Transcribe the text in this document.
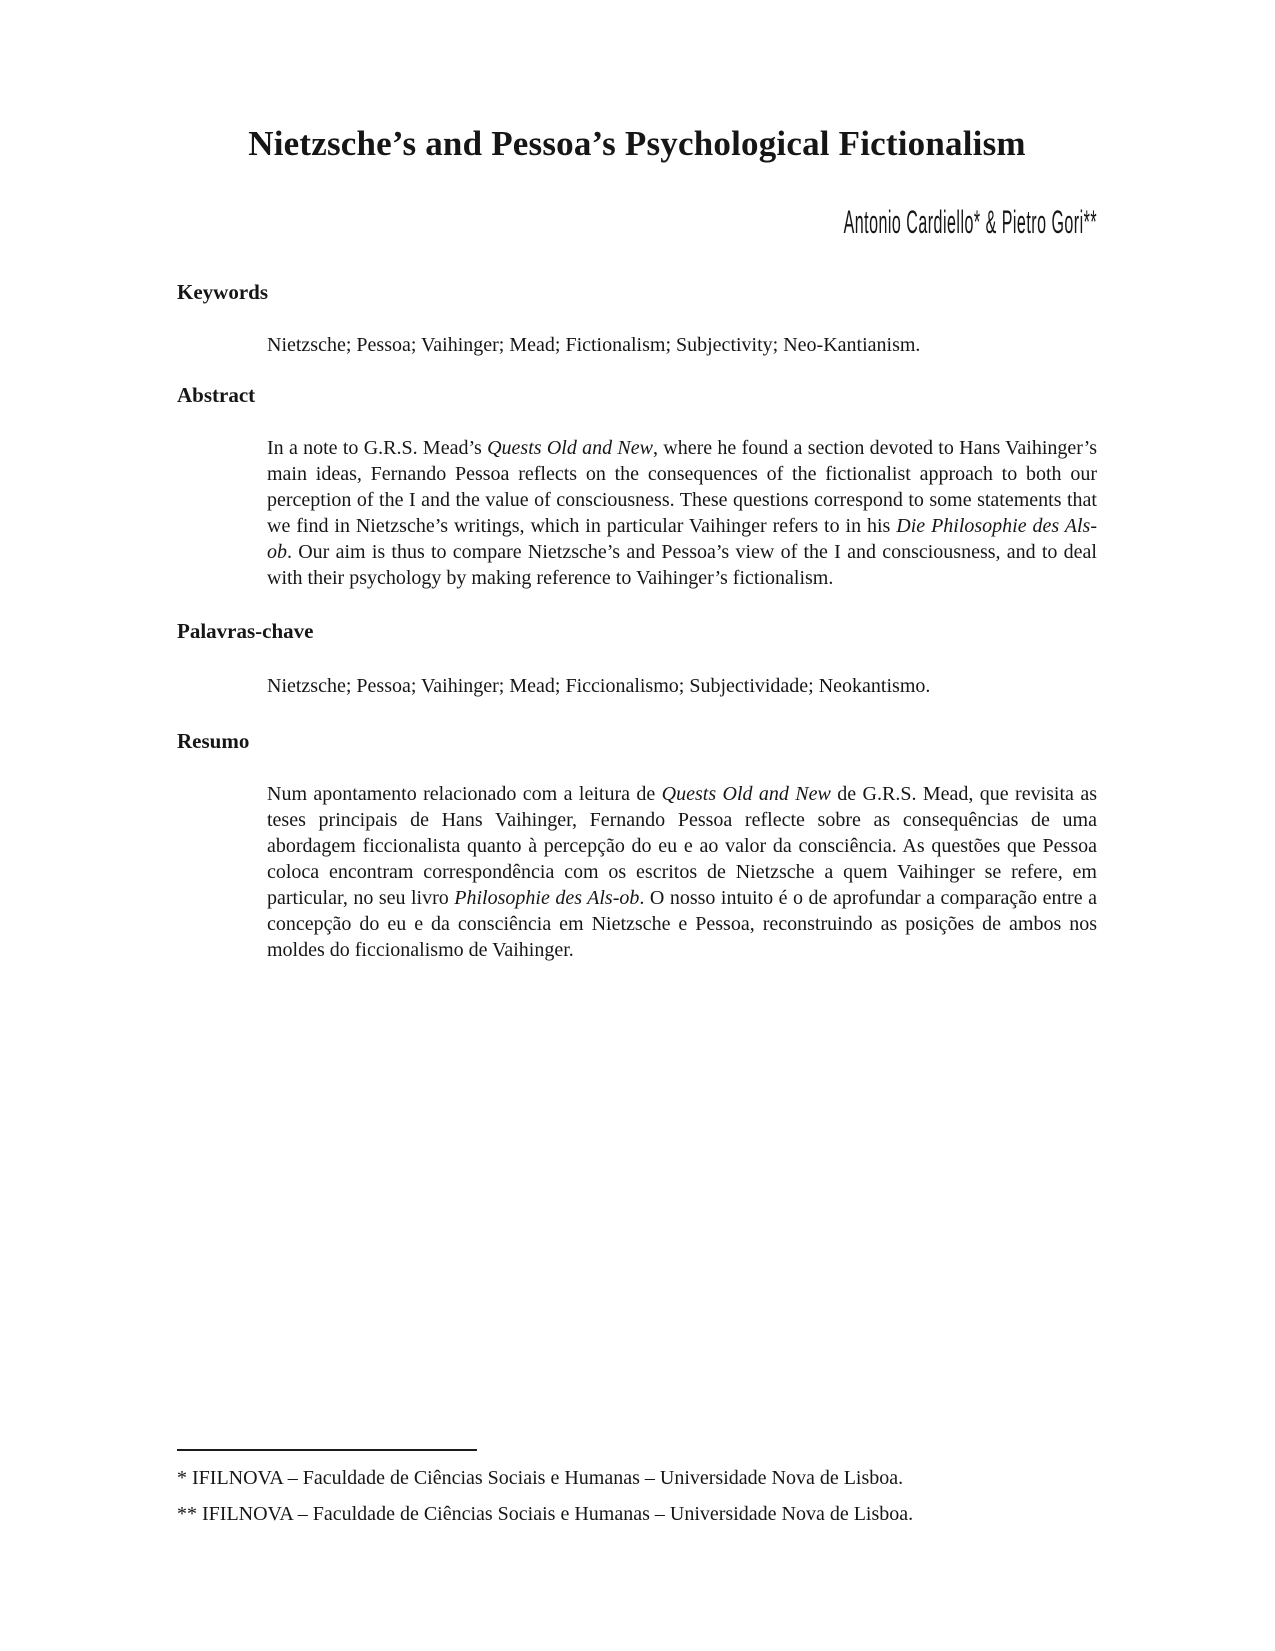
Nietzsche’s and Pessoa’s Psychological Fictionalism
Antonio Cardiello* & Pietro Gori**
Keywords
Nietzsche; Pessoa; Vaihinger; Mead; Fictionalism; Subjectivity; Neo-Kantianism.
Abstract
In a note to G.R.S. Mead’s Quests Old and New, where he found a section devoted to Hans Vaihinger’s main ideas, Fernando Pessoa reflects on the consequences of the fictionalist approach to both our perception of the I and the value of consciousness. These questions correspond to some statements that we find in Nietzsche’s writings, which in particular Vaihinger refers to in his Die Philosophie des Als-ob. Our aim is thus to compare Nietzsche’s and Pessoa’s view of the I and consciousness, and to deal with their psychology by making reference to Vaihinger’s fictionalism.
Palavras-chave
Nietzsche; Pessoa; Vaihinger; Mead; Ficcionalismo; Subjectividade; Neokantismo.
Resumo
Num apontamento relacionado com a leitura de Quests Old and New de G.R.S. Mead, que revisita as teses principais de Hans Vaihinger, Fernando Pessoa reflecte sobre as consequências de uma abordagem ficcionalista quanto à percepção do eu e ao valor da consciência. As questões que Pessoa coloca encontram correspondência com os escritos de Nietzsche a quem Vaihinger se refere, em particular, no seu livro Philosophie des Als-ob. O nosso intuito é o de aprofundar a comparação entre a concepção do eu e da consciência em Nietzsche e Pessoa, reconstruindo as posições de ambos nos moldes do ficcionalismo de Vaihinger.
* IFILNOVA – Faculdade de Ciências Sociais e Humanas – Universidade Nova de Lisboa.
** IFILNOVA – Faculdade de Ciências Sociais e Humanas – Universidade Nova de Lisboa.
